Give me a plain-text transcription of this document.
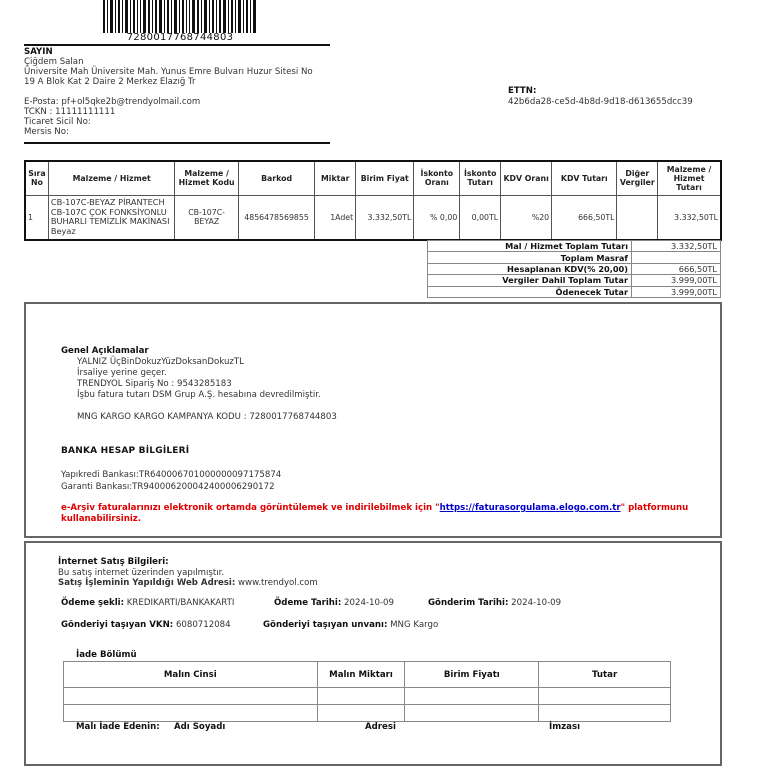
7280017768744803
SAYIN
Çiğdem Salan
Üniversite Mah Üniversite Mah. Yunus Emre Bulvarı Huzur Sitesi No
19 A Blok Kat 2 Daire 2 Merkez Elazığ Tr
E-Posta: pf+ol5qke2b@trendyolmail.com
TCKN : 11111111111
Ticaret Sicil No:
Mersis No:
ETTN:
42b6da28-ce5d-4b8d-9d18-d613655dcc39
Sıra No	Malzeme / Hizmet	Malzeme / Hizmet Kodu	Barkod	Miktar	Birim Fiyat	İskonto Oranı	İskonto Tutarı	KDV Oranı	KDV Tutarı	Diğer Vergiler	Malzeme / Hizmet Tutarı
1	CB-107C-BEYAZ PİRANTECH CB-107C ÇOK FONKSİYONLU BUHARLI TEMİZLİK MAKİNASI Beyaz	CB-107C-BEYAZ	4856478569855	1Adet	3.332,50TL	% 0,00	0,00TL	%20	666,50TL		3.332,50TL
Mal / Hizmet Toplam Tutarı	3.332,50TL
Toplam Masraf	
Hesaplanan KDV(% 20,00)	666,50TL
Vergiler Dahil Toplam Tutar	3.999,00TL
Ödenecek Tutar	3.999,00TL
Genel Açıklamalar
YALNIZ ÜçBinDokuzYüzDoksanDokuzTL
İrsaliye yerine geçer.
TRENDYOL Sipariş No : 9543285183
İşbu fatura tutarı DSM Grup A.Ş. hesabına devredilmiştir.
MNG KARGO KARGO KAMPANYA KODU : 7280017768744803
BANKA HESAP BİLGİLERİ
Yapıkredi Bankası:TR640006701000000097175874
Garanti Bankası:TR940006200042400006290172
e-Arşiv faturalarınızı elektronik ortamda görüntülemek ve indirilebilmek için "https://faturasorgulama.elogo.com.tr" platformunu kullanabilirsiniz.
İnternet Satış Bilgileri:
Bu satış internet üzerinden yapılmıştır.
Satış İşleminin Yapıldığı Web Adresi: www.trendyol.com
Ödeme şekli: KREDIKARTI/BANKAKARTI	Ödeme Tarihi: 2024-10-09	Gönderim Tarihi: 2024-10-09
Gönderiyi taşıyan VKN: 6080712084	Gönderiyi taşıyan unvanı: MNG Kargo
İade Bölümü
Malın Cinsi	Malın Miktarı	Birim Fiyatı	Tutar

Malı İade Edenin: Adı Soyadı	Adresi	İmzası
